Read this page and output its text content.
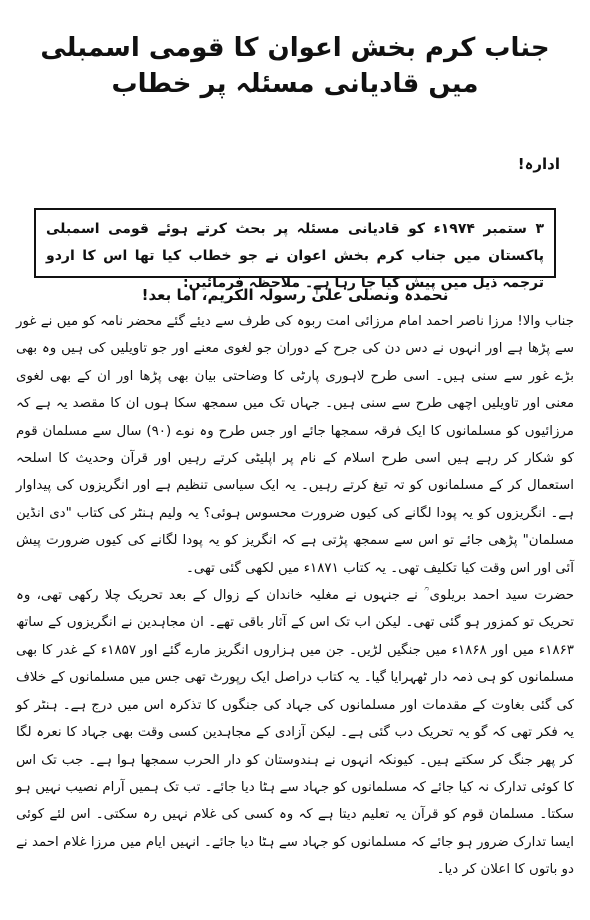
جناب کرم بخش اعوان کا قومی اسمبلی میں قادیانی مسئلہ پر خطاب
ادارہ!

۳ ستمبر ۱۹۷۴ء کو قادیانی مسئلہ پر بحث کرتے ہوئے قومی اسمبلی پاکستان میں جناب کرم بخش اعوان نے جو خطاب کیا تھا اس کا اردو ترجمہ ذیل میں پیش کیا جا رہا ہے۔ ملاحظہ فرمائیں:

نحمدہ ونصلی علیٰ رسولہ الکریم، اما بعد!

جناب والا! مرزا ناصر احمد امام مرزائی امت ربوہ کی طرف سے دیئے گئے محضر نامہ کو میں نے غور سے پڑھا ہے اور انہوں نے دس دن کی جرح کے دوران جو لغوی معنے اور جو تاویلیں کی ہیں وہ بھی بڑے غور سے سنی ہیں۔ اسی طرح لاہوری پارٹی کا وضاحتی بیان بھی پڑھا اور ان کے بھی لغوی معنی اور تاویلیں اچھی طرح سے سنی ہیں۔ جہاں تک میں سمجھ سکا ہوں ان کا مقصد یہ ہے کہ مرزائیوں کو مسلمانوں کا ایک فرقہ سمجھا جائے اور جس طرح وہ نوے (۹۰) سال سے مسلمان قوم کو شکار کر رہے ہیں اسی طرح اسلام کے نام پر اپلیٹی کرتے رہیں اور قرآن وحدیث کا اسلحہ استعمال کر کے مسلمانوں کو تہ تیغ کرتے رہیں۔ یہ ایک سیاسی تنظیم ہے اور انگریزوں کی پیداوار ہے۔ انگریزوں کو یہ پودا لگانے کی کیوں ضرورت محسوس ہوئی؟ یہ ولیم ہنٹر کی کتاب "دی انڈین مسلمان" پڑھی جائے تو اس سے سمجھ پڑتی ہے کہ انگریز کو یہ پودا لگانے کی کیوں ضرورت پیش آئی اور اس وقت کیا تکلیف تھی۔ یہ کتاب ۱۸۷۱ء میں لکھی گئی تھی۔

حضرت سید احمد بریلوی ؒ نے جنہوں نے مغلیہ خاندان کے زوال کے بعد تحریک چلا رکھی تھی، وہ تحریک تو کمزور ہو گئی تھی۔ لیکن اب تک اس کے آثار باقی تھے۔ ان مجاہدین نے انگریزوں کے ساتھ ۱۸۶۳ء میں اور ۱۸۶۸ء میں جنگیں لڑیں۔ جن میں ہزاروں انگریز مارے گئے اور ۱۸۵۷ء کے غدر کا بھی مسلمانوں کو ہی ذمہ دار ٹھہرایا گیا۔ یہ کتاب دراصل ایک رپورٹ تھی جس میں مسلمانوں کے خلاف کی گئی بغاوت کے مقدمات اور مسلمانوں کی جہاد کی جنگوں کا تذکرہ اس میں درج ہے۔ ہنٹر کو یہ فکر تھی کہ گو یہ تحریک دب گئی ہے۔ لیکن آزادی کے مجاہدین کسی وقت بھی جہاد کا نعرہ لگا کر پھر جنگ کر سکتے ہیں۔ کیونکہ انہوں نے ہندوستان کو دار الحرب سمجھا ہوا ہے۔ جب تک اس کا کوئی تدارک نہ کیا جائے کہ مسلمانوں کو جہاد سے ہٹا دیا جائے۔ تب تک ہمیں آرام نصیب نہیں ہو سکتا۔ مسلمان قوم کو قرآن یہ تعلیم دیتا ہے کہ وہ کسی کی غلام نہیں رہ سکتی۔ اس لئے کوئی ایسا تدارک ضرور ہو جائے کہ مسلمانوں کو جہاد سے ہٹا دیا جائے۔ انہیں ایام میں مرزا غلام احمد نے دو باتوں کا اعلان کر دیا۔
